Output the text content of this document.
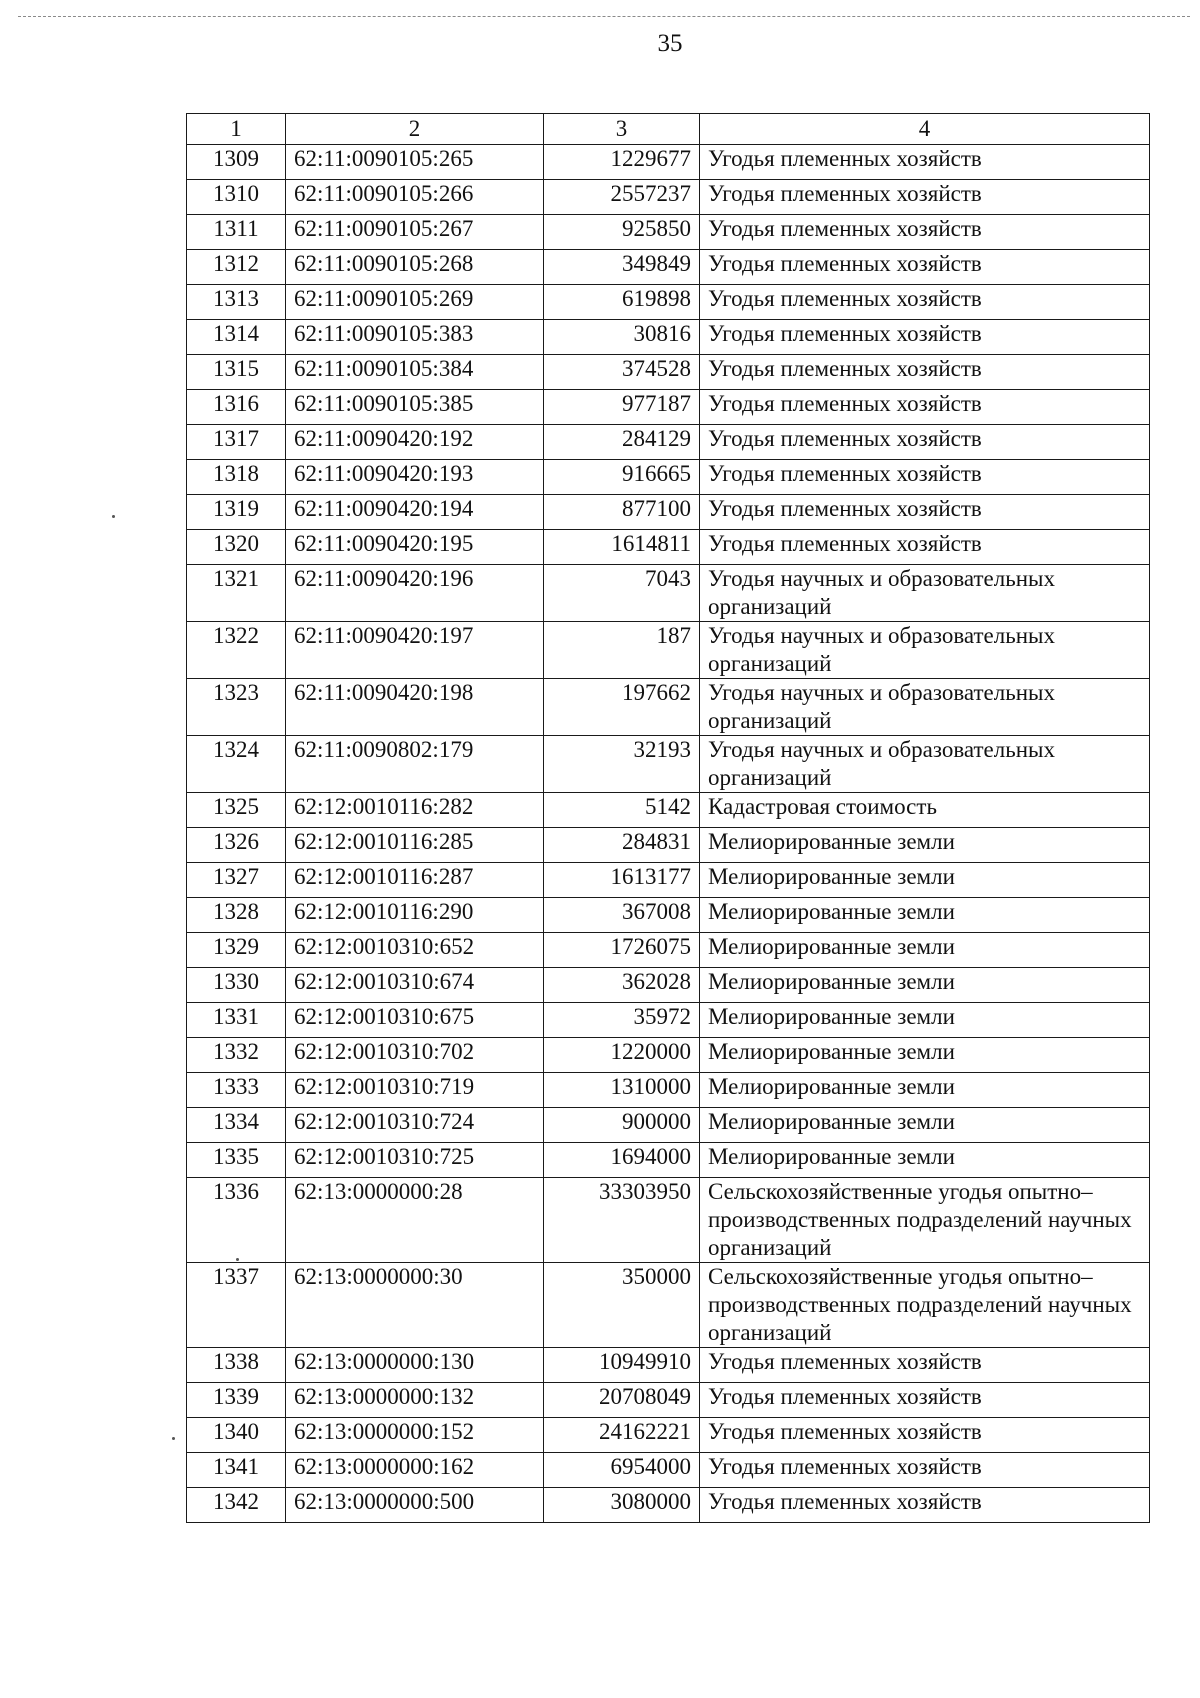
35
1	2	3	4
1309	62:11:0090105:265	1229677	Угодья племенных хозяйств
1310	62:11:0090105:266	2557237	Угодья племенных хозяйств
1311	62:11:0090105:267	925850	Угодья племенных хозяйств
1312	62:11:0090105:268	349849	Угодья племенных хозяйств
1313	62:11:0090105:269	619898	Угодья племенных хозяйств
1314	62:11:0090105:383	30816	Угодья племенных хозяйств
1315	62:11:0090105:384	374528	Угодья племенных хозяйств
1316	62:11:0090105:385	977187	Угодья племенных хозяйств
1317	62:11:0090420:192	284129	Угодья племенных хозяйств
1318	62:11:0090420:193	916665	Угодья племенных хозяйств
1319	62:11:0090420:194	877100	Угодья племенных хозяйств
1320	62:11:0090420:195	1614811	Угодья племенных хозяйств
1321	62:11:0090420:196	7043	Угодья научных и образовательных организаций
1322	62:11:0090420:197	187	Угодья научных и образовательных организаций
1323	62:11:0090420:198	197662	Угодья научных и образовательных организаций
1324	62:11:0090802:179	32193	Угодья научных и образовательных организаций
1325	62:12:0010116:282	5142	Кадастровая стоимость
1326	62:12:0010116:285	284831	Мелиорированные земли
1327	62:12:0010116:287	1613177	Мелиорированные земли
1328	62:12:0010116:290	367008	Мелиорированные земли
1329	62:12:0010310:652	1726075	Мелиорированные земли
1330	62:12:0010310:674	362028	Мелиорированные земли
1331	62:12:0010310:675	35972	Мелиорированные земли
1332	62:12:0010310:702	1220000	Мелиорированные земли
1333	62:12:0010310:719	1310000	Мелиорированные земли
1334	62:12:0010310:724	900000	Мелиорированные земли
1335	62:12:0010310:725	1694000	Мелиорированные земли
1336	62:13:0000000:28	33303950	Сельскохозяйственные угодья опытно–производственных подразделений научных организаций
1337	62:13:0000000:30	350000	Сельскохозяйственные угодья опытно–производственных подразделений научных организаций
1338	62:13:0000000:130	10949910	Угодья племенных хозяйств
1339	62:13:0000000:132	20708049	Угодья племенных хозяйств
1340	62:13:0000000:152	24162221	Угодья племенных хозяйств
1341	62:13:0000000:162	6954000	Угодья племенных хозяйств
1342	62:13:0000000:500	3080000	Угодья племенных хозяйств
